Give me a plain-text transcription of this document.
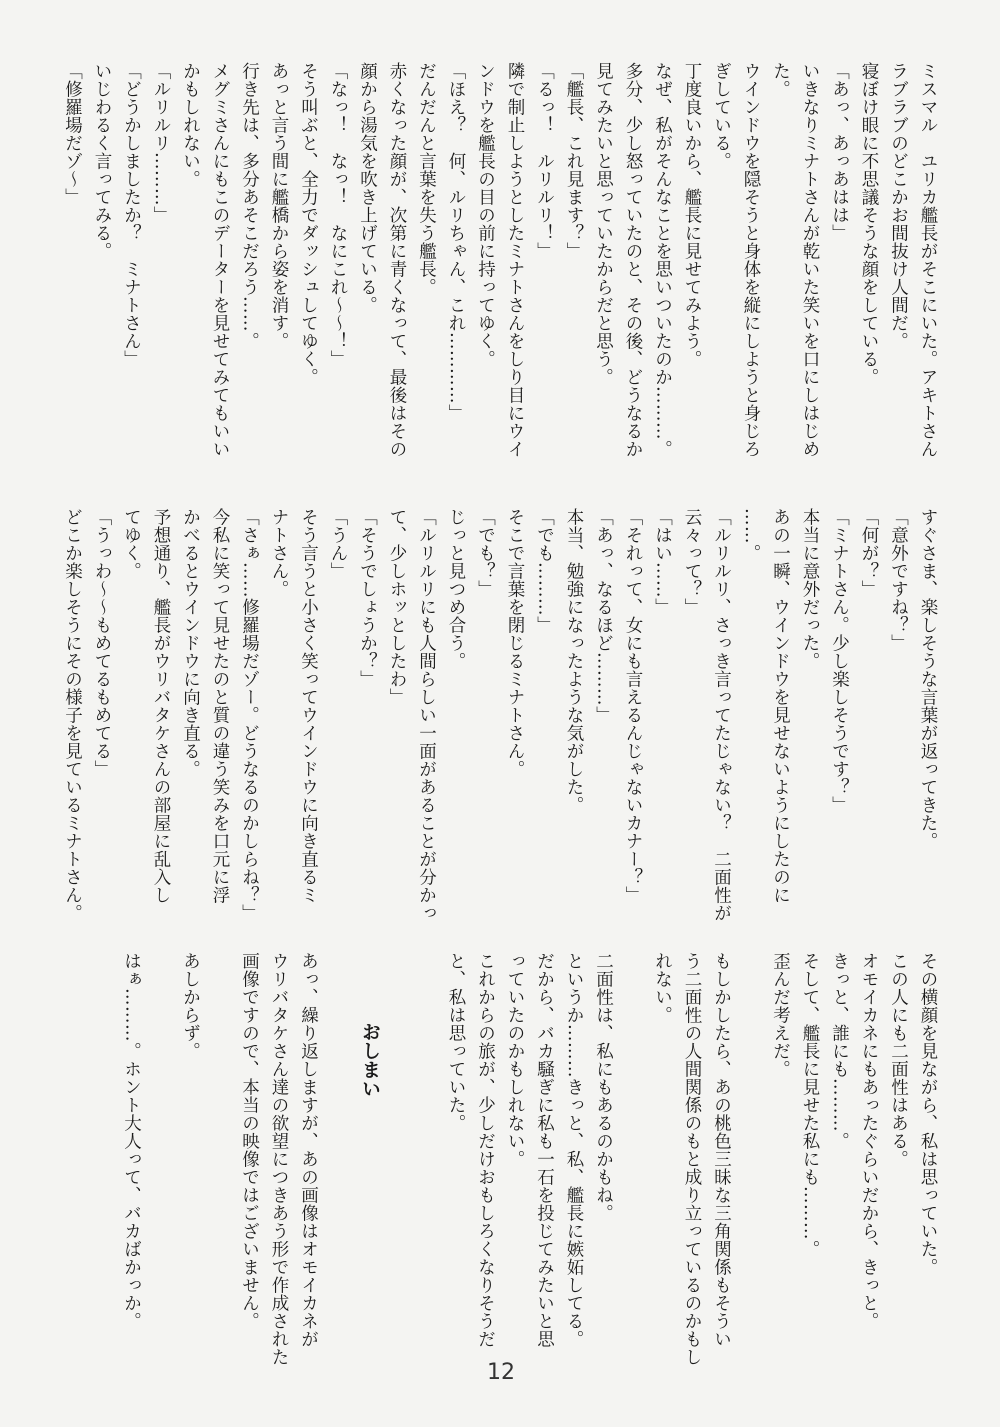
ミスマル　ユリカ艦長がそこにいた。アキトさん
ラブラブのどこかお間抜け人間だ。
寝ぼけ眼に不思議そうな顔をしている。
「あっ、あっあはは」
いきなりミナトさんが乾いた笑いを口にしはじめ
た。
ウインドウを隠そうと身体を縦にしようと身じろ
ぎしている。
丁度良いから、艦長に見せてみよう。
なぜ、私がそんなことを思いついたのか………。
多分、少し怒っていたのと、その後、どうなるか
見てみたいと思っていたからだと思う。
「艦長、これ見ます？」
「るっ！　ルリルリ！」
隣で制止しようとしたミナトさんをしり目にウイ
ンドウを艦長の目の前に持ってゆく。
「ほえ？　何、ルリちゃん、これ…………」
だんだんと言葉を失う艦長。
赤くなった顔が、次第に青くなって、最後はその
顔から湯気を吹き上げている。
「なっ！　なっ！　なにこれ～～！」
そう叫ぶと、全力でダッシュしてゆく。
あっと言う間に艦橋から姿を消す。
行き先は、多分あそこだろう……。
メグミさんにもこのデーターを見せてみてもいい
かもしれない。
「ルリルリ………」
「どうかしましたか？　ミナトさん」
いじわるく言ってみる。
「修羅場だゾ～」
すぐさま、楽しそうな言葉が返ってきた。
「意外ですね？」
「何が？」
「ミナトさん。少し楽しそうです？」
本当に意外だった。
あの一瞬、ウインドウを見せないようにしたのに
……。
「ルリルリ、さっき言ってたじゃない？　二面性が
云々って？」
「はい……」
「それって、女にも言えるんじゃないカナー？」
「あっ、なるほど………」
本当、勉強になったような気がした。
「でも………」
そこで言葉を閉じるミナトさん。
「でも？」
じっと見つめ合う。
「ルリルリにも人間らしい一面があることが分かっ
て、少しホッとしたわ」
「そうでしょうか？」
「うん」
そう言うと小さく笑ってウインドウに向き直るミ
ナトさん。
「さぁ……修羅場だゾー。どうなるのかしらね？」
今私に笑って見せたのと質の違う笑みを口元に浮
かべるとウインドウに向き直る。
予想通り、艦長がウリバタケさんの部屋に乱入し
てゆく。
「うっわ～～もめてるもめてる」
どこか楽しそうにその様子を見ているミナトさん。
その横顔を見ながら、私は思っていた。
この人にも二面性はある。
オモイカネにもあったぐらいだから、きっと。
きっと、誰にも………。
そして、艦長に見せた私にも………。
歪んだ考えだ。

もしかしたら、あの桃色三昧な三角関係もそうい
う二面性の人間関係のもと成り立っているのかもし
れない。

二面性は、私にもあるのかもね。
というか………きっと、私、艦長に嫉妬してる。
だから、バカ騒ぎに私も一石を投じてみたいと思
っていたのかもしれない。
これからの旅が、少しだけおもしろくなりそうだ
と、私は思っていた。

あっ、繰り返しますが、あの画像はオモイカネが
ウリバタケさん達の欲望につきあう形で作成された
画像ですので、本当の映像ではございません。

あしからず。

はぁ………。ホント大人って、バカばかっか。	おしまい
12
